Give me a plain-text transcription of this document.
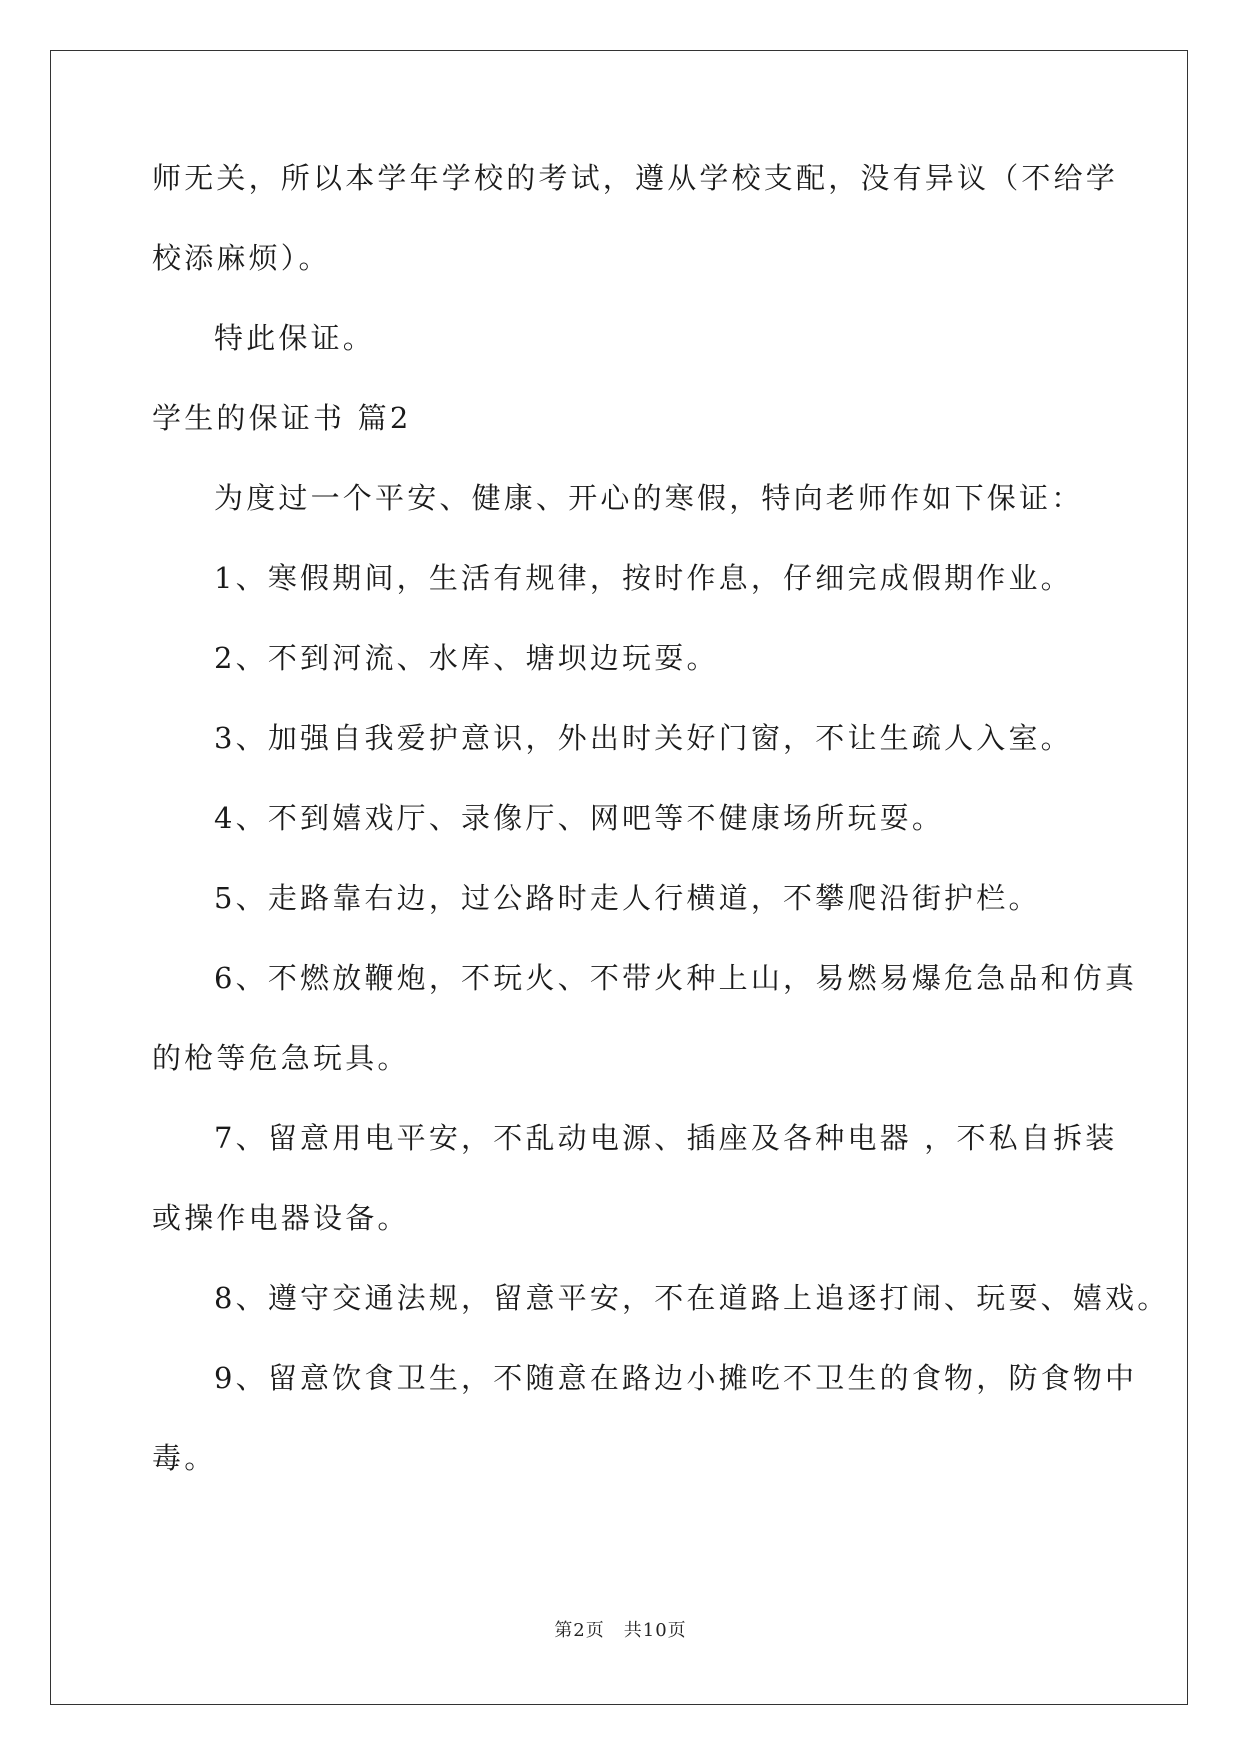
师无关，所以本学年学校的考试，遵从学校支配，没有异议（不给学
校添麻烦）。
特此保证。
学生的保证书 篇2
为度过一个平安、健康、开心的寒假，特向老师作如下保证：
1、寒假期间，生活有规律，按时作息，仔细完成假期作业。
2、不到河流、水库、塘坝边玩耍。
3、加强自我爱护意识，外出时关好门窗，不让生疏人入室。
4、不到嬉戏厅、录像厅、网吧等不健康场所玩耍。
5、走路靠右边，过公路时走人行横道，不攀爬沿街护栏。
6、不燃放鞭炮，不玩火、不带火种上山，易燃易爆危急品和仿真
的枪等危急玩具。
7、留意用电平安，不乱动电源、插座及各种电器 ，不私自拆装
或操作电器设备。
8、遵守交通法规，留意平安，不在道路上追逐打闹、玩耍、嬉戏。
9、留意饮食卫生，不随意在路边小摊吃不卫生的食物，防食物中
毒。
第2页　共10页
